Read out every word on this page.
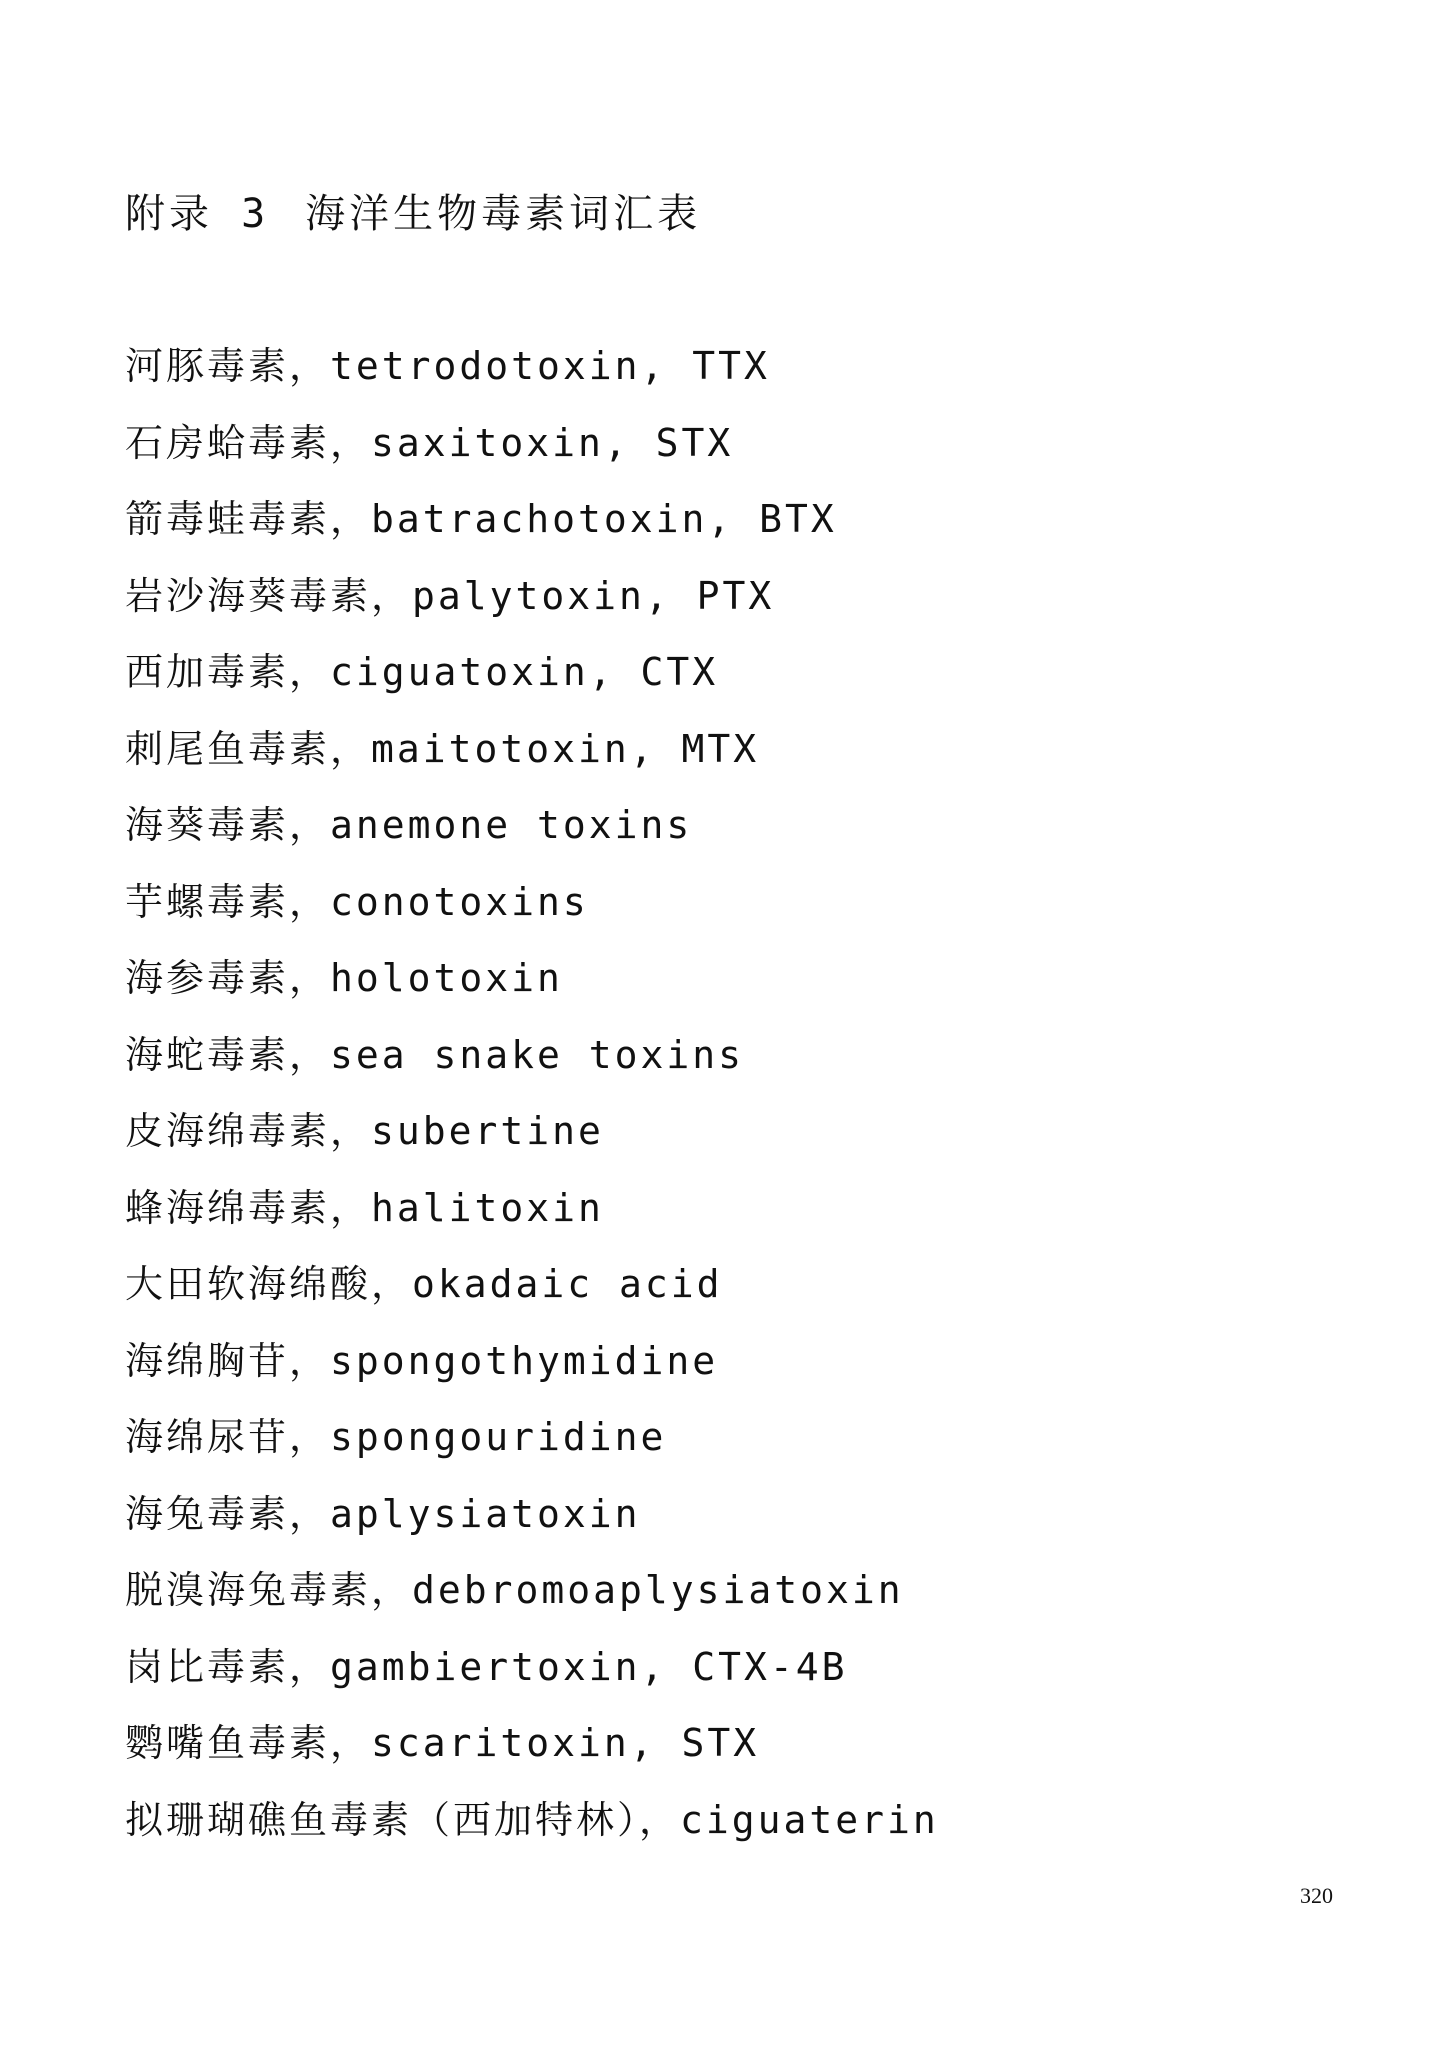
附录 3 海洋生物毒素词汇表
河豚毒素，tetrodotoxin, TTX
石房蛤毒素，saxitoxin, STX
箭毒蛙毒素，batrachotoxin, BTX
岩沙海葵毒素，palytoxin, PTX
西加毒素，ciguatoxin, CTX
刺尾鱼毒素，maitotoxin, MTX
海葵毒素，anemone toxins
芋螺毒素，conotoxins
海参毒素，holotoxin
海蛇毒素，sea snake toxins
皮海绵毒素，subertine
蜂海绵毒素，halitoxin
大田软海绵酸，okadaic acid
海绵胸苷，spongothymidine
海绵尿苷，spongouridine
海兔毒素，aplysiatoxin
脱溴海兔毒素，debromoaplysiatoxin
岗比毒素，gambiertoxin, CTX-4B
鹦嘴鱼毒素，scaritoxin, STX
拟珊瑚礁鱼毒素（西加特林），ciguaterin
320
